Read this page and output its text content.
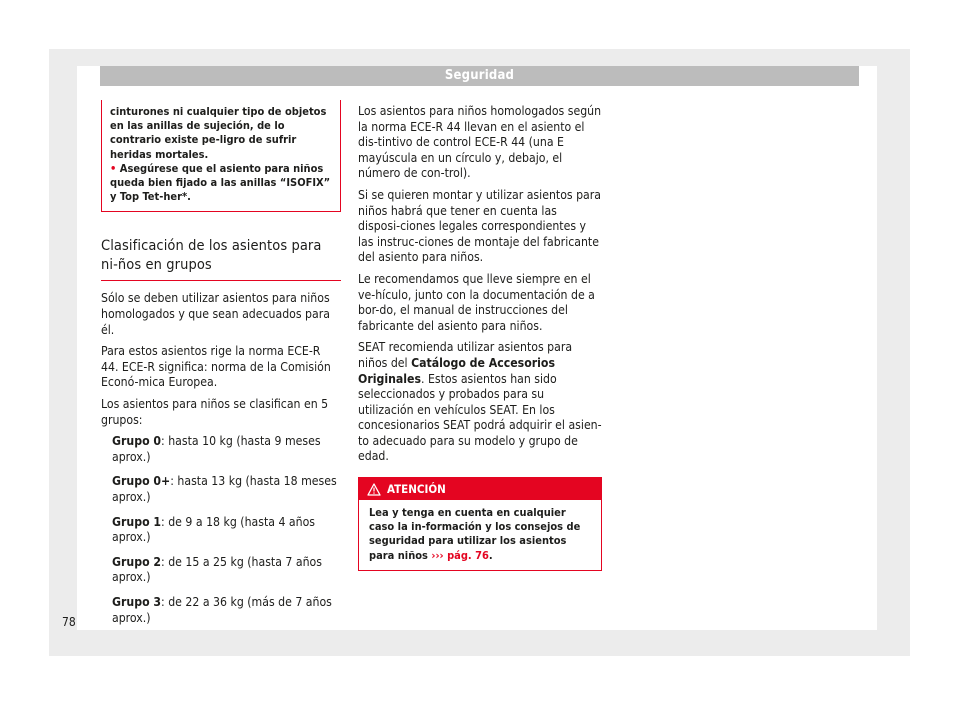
Seguridad

cinturones ni cualquier tipo de objetos en las anillas de sujeción, de lo contrario existe pe-ligro de sufrir heridas mortales.

• Asegúrese que el asiento para niños queda bien fijado a las anillas “ISOFIX” y Top Tet-her*.

Clasificación de los asientos para ni-ños en grupos

Sólo se deben utilizar asientos para niños homologados y que sean adecuados para él.

Para estos asientos rige la norma ECE-R 44. ECE-R significa: norma de la Comisión Econó-mica Europea.

Los asientos para niños se clasifican en 5 grupos:

Grupo 0: hasta 10 kg (hasta 9 meses aprox.)
Grupo 0+: hasta 13 kg (hasta 18 meses aprox.)
Grupo 1: de 9 a 18 kg (hasta 4 años aprox.)
Grupo 2: de 15 a 25 kg (hasta 7 años aprox.)
Grupo 3: de 22 a 36 kg (más de 7 años aprox.)

Los asientos para niños homologados según la norma ECE-R 44 llevan en el asiento el dis-tintivo de control ECE-R 44 (una E mayúscula en un círculo y, debajo, el número de con-trol).

Si se quieren montar y utilizar asientos para niños habrá que tener en cuenta las disposi-ciones legales correspondientes y las instruc-ciones de montaje del fabricante del asiento para niños.

Le recomendamos que lleve siempre en el ve-hículo, junto con la documentación de a bor-do, el manual de instrucciones del fabricante del asiento para niños.

SEAT recomienda utilizar asientos para niños del Catálogo de Accesorios Originales. Estos asientos han sido seleccionados y probados para su utilización en vehículos SEAT. En los concesionarios SEAT podrá adquirir el asien-to adecuado para su modelo y grupo de edad.

ATENCIÓN
Lea y tenga en cuenta en cualquier caso la in-formación y los consejos de seguridad para utilizar los asientos para niños ››› pág. 76.
78
